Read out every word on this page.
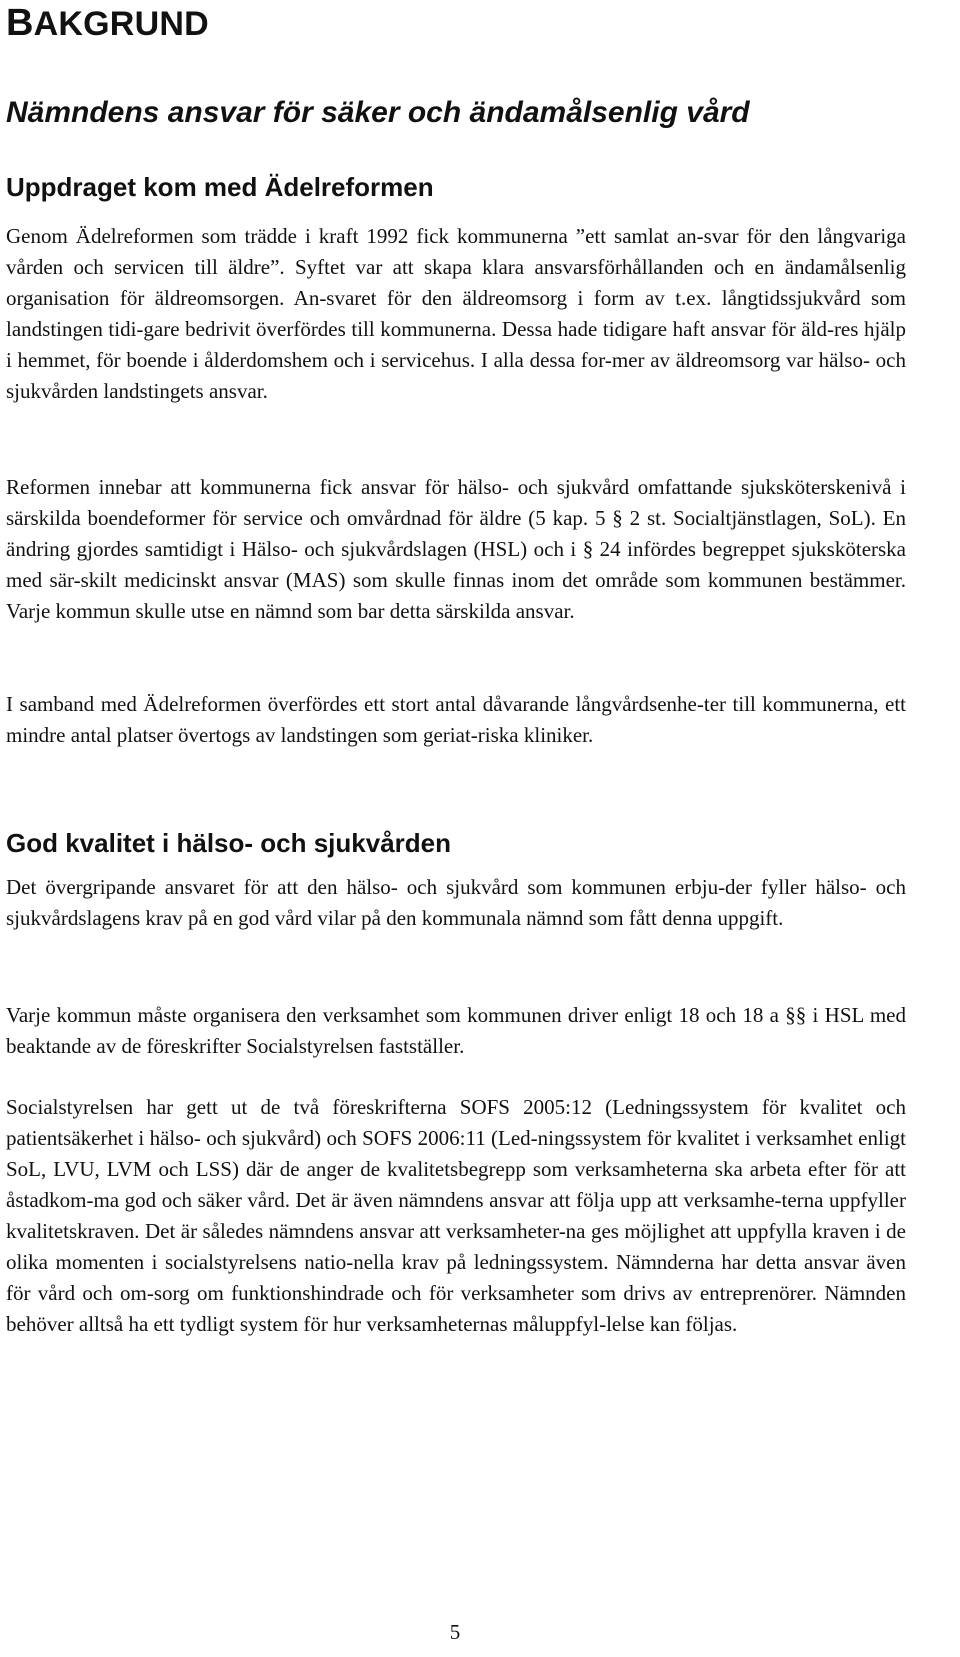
BAKGRUND
Nämndens ansvar för säker och ändamålsenlig vård
Uppdraget kom med Ädelreformen

Genom Ädelreformen som trädde i kraft 1992 fick kommunerna ”ett samlat an-svar för den långvariga vården och servicen till äldre”. Syftet var att skapa klara ansvarsförhållanden och en ändamålsenlig organisation för äldreomsorgen. An-svaret för den äldreomsorg i form av t.ex. långtidssjukvård som landstingen tidi-gare bedrivit överfördes till kommunerna. Dessa hade tidigare haft ansvar för äld-res hjälp i hemmet, för boende i ålderdomshem och i servicehus. I alla dessa for-mer av äldreomsorg var hälso- och sjukvården landstingets ansvar.

Reformen innebar att kommunerna fick ansvar för hälso- och sjukvård omfattande sjuksköterskenivå i särskilda boendeformer för service och omvårdnad för äldre (5 kap. 5 § 2 st. Socialtjänstlagen, SoL). En ändring gjordes samtidigt i Hälso- och sjukvårdslagen (HSL) och i § 24 infördes begreppet sjuksköterska med sär-skilt medicinskt ansvar (MAS) som skulle finnas inom det område som kommunen bestämmer. Varje kommun skulle utse en nämnd som bar detta särskilda ansvar.

I samband med Ädelreformen överfördes ett stort antal dåvarande långvårdsenhe-ter till kommunerna, ett mindre antal platser övertogs av landstingen som geriat-riska kliniker.

God kvalitet i hälso- och sjukvården

Det övergripande ansvaret för att den hälso- och sjukvård som kommunen erbju-der fyller hälso- och sjukvårdslagens krav på en god vård vilar på den kommunala nämnd som fått denna uppgift.

Varje kommun måste organisera den verksamhet som kommunen driver enligt 18 och 18 a §§ i HSL med beaktande av de föreskrifter Socialstyrelsen fastställer.

Socialstyrelsen har gett ut de två föreskrifterna SOFS 2005:12 (Ledningssystem för kvalitet och patientsäkerhet i hälso- och sjukvård) och SOFS 2006:11 (Led-ningssystem för kvalitet i verksamhet enligt SoL, LVU, LVM och LSS) där de anger de kvalitetsbegrepp som verksamheterna ska arbeta efter för att åstadkom-ma god och säker vård. Det är även nämndens ansvar att följa upp att verksamhe-terna uppfyller kvalitetskraven. Det är således nämndens ansvar att verksamheter-na ges möjlighet att uppfylla kraven i de olika momenten i socialstyrelsens natio-nella krav på ledningssystem. Nämnderna har detta ansvar även för vård och om-sorg om funktionshindrade och för verksamheter som drivs av entreprenörer. Nämnden behöver alltså ha ett tydligt system för hur verksamheternas måluppfyl-lelse kan följas.

5
